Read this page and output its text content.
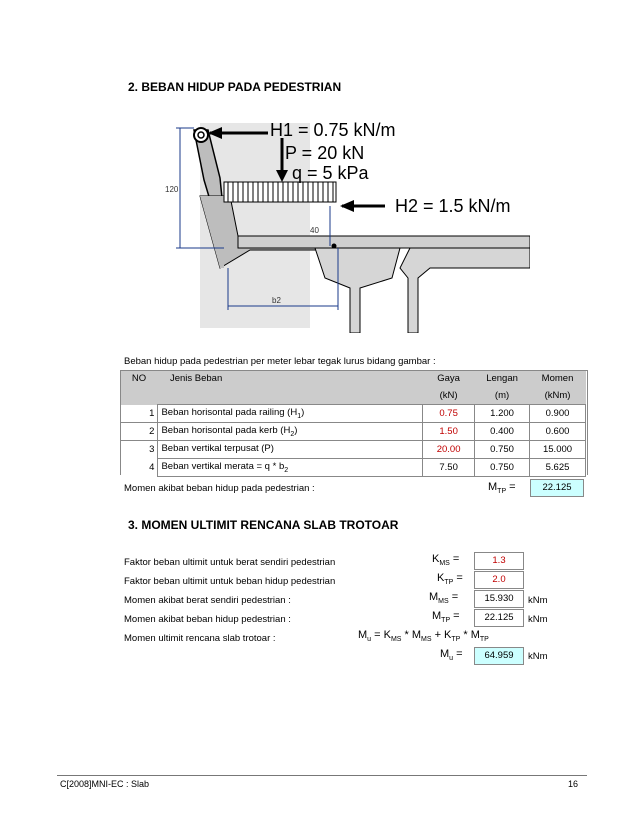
2. BEBAN HIDUP PADA PEDESTRIAN
H1 = 0.75 kN/m
P = 20 kN
q = 5 kPa
H2 = 1.5 kN/m
120
40
b2
Beban hidup pada pedestrian per meter lebar tegak lurus bidang gambar :
NO	Jenis Beban	Gaya	Lengan	Momen
		(kN)	(m)	(kNm)
1	Beban horisontal pada railing $(H_1)$	0.75	1.200	0.900
2	Beban horisontal pada kerb $(H_2)$	1.50	0.400	0.600
3	Beban vertikal terpusat (P)	20.00	0.750	15.000
4	Beban vertikal merata = q * $b_2$	7.50	0.750	5.625
Momen akibat beban hidup pada pedestrian :	$M_{TP}$ =	22.125
3. MOMEN ULTIMIT RENCANA SLAB TROTOAR
Faktor beban ultimit untuk berat sendiri pedestrian	$K_{MS}$ =	1.3
Faktor beban ultimit untuk beban hidup pedestrian	$K_{TP}$ =	2.0
Momen akibat berat sendiri pedestrian :	$M_{MS}$ =	15.930	kNm
Momen akibat beban hidup pedestrian :	$M_{TP}$ =	22.125	kNm
Momen ultimit rencana slab trotoar :	$M_u = K_{MS} * M_{MS} + K_{TP} * M_{TP}$
$M_u$ =	64.959	kNm
C[2008]MNI-EC : Slab	16
